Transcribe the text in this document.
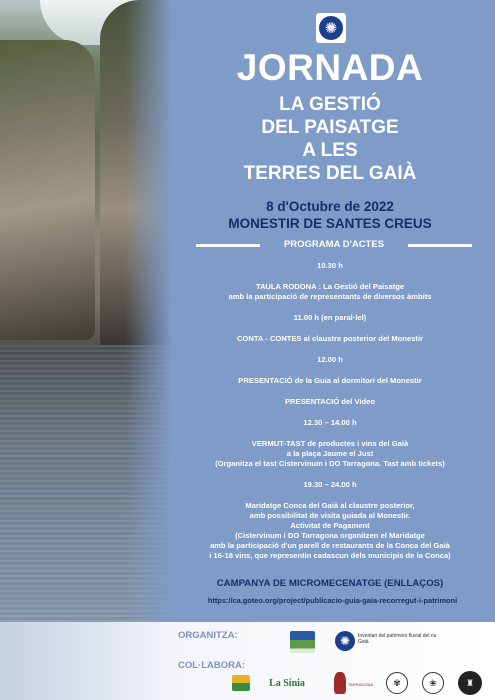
✺
JORNADA
LA GESTIÓ
DEL PAISATGE
A LES
TERRES DEL GAIÀ
8 d'Octubre de 2022
MONESTIR DE SANTES CREUS
PROGRAMA D'ACTES

10.30 h

TAULA RODONA : La Gestió del Paisatge

amb la participació de representants de diversos àmbits

11.00 h (en paral·lel)

CONTA - CONTES al claustre posterior del Monestir

12.00 h

PRESENTACIÓ de la Guia al dormitori del Monestir

PRESENTACIÓ del Video

12.30 – 14.00 h

VERMUT-TAST de productes i vins del Gaià

a la plaça Jaume el Just

(Organitza el tast Cistervinum i DO Tarragona. Tast amb tickets)

19.30 – 24.00 h

Maridatge Conca del Gaià al claustre posterior,

amb possibilitat de visita guiada al Monestir.

Activitat de Pagament

(Cistervinum i DO Tarragona organitzen el Maridatge

amb la participació d'un parell de restaurants de la Conca del Gaià

i 16-18 vins, que representin cadascun dels municipis de la Conca)

CAMPANYA DE MICROMECENATGE (ENLLAÇOS)
https://ca.goteo.org/project/publicacio-guia-gaia-recorregut-i-patrimoni
ORGANITZA:	✺	Inventari del patrimoni fluvial del riu Gaià
COL·LABORA:
La Sínia	TARRAGONA	✾	❀	♜
